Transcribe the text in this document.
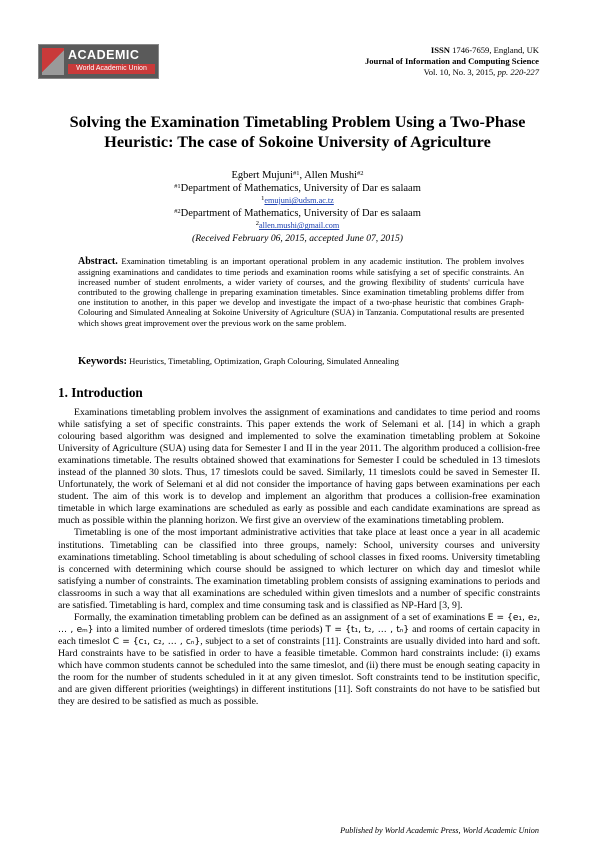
ACADEMIC
World Academic Union
ISSN 1746-7659, England, UK
Journal of Information and Computing Science
Vol. 10, No. 3, 2015, pp. 220-227
Solving the Examination Timetabling Problem Using a Two-Phase
Heuristic: The case of Sokoine University of Agriculture
Egbert Mujuni$^{\#1}$, Allen Mushi$^{\#2}$
$^{\#1}$Department of Mathematics, University of Dar es salaam
$^1$emujuni@udsm.ac.tz
$^{\#2}$Department of Mathematics, University of Dar es salaam
$^2$allen.mushi@gmail.com
(Received February 06, 2015, accepted June 07, 2015)
Abstract. Examination timetabling is an important operational problem in any academic institution. The problem involves assigning examinations and candidates to time periods and examination rooms while satisfying a set of specific constraints. An increased number of student enrolments, a wider variety of courses, and the growing flexibility of students' curricula have contributed to the growing challenge in preparing examination timetables. Since examination timetabling problems differ from one institution to another, in this paper we develop and investigate the impact of a two-phase heuristic that combines Graph-Colouring and Simulated Annealing at Sokoine University of Agriculture (SUA) in Tanzania. Computational results are presented which shows great improvement over the previous work on the same problem.
Keywords: Heuristics, Timetabling, Optimization, Graph Colouring, Simulated Annealing
1. Introduction

Examinations timetabling problem involves the assignment of examinations and candidates to time period and rooms while satisfying a set of specific constraints. This paper extends the work of Selemani et al. [14] in which a graph colouring based algorithm was designed and implemented to solve the examination timetabling problem at Sokoine University of Agriculture (SUA) using data for Semester I and II in the year 2011. The algorithm produced a collision-free examinations timetable. The results obtained showed that examinations for Semester I could be scheduled in 13 timeslots instead of the planned 30 slots. Thus, 17 timeslots could be saved. Similarly, 11 timeslots could be saved in Semester II. Unfortunately, the work of Selemani et al did not consider the importance of having gaps between examinations per each student. The aim of this work is to develop and implement an algorithm that produces a collision-free examination timetable in which large examinations are scheduled as early as possible and each candidate examinations are spread as much as possible within the planning horizon. We first give an overview of the examinations timetabling problem.

Timetabling is one of the most important administrative activities that take place at least once a year in all academic institutions. Timetabling can be classified into three groups, namely: School, university courses and university examinations timetabling. School timetabling is about scheduling of school classes in fixed rooms. University timetabling is concerned with determining which course should be assigned to which lecturer on which day and timeslot while satisfying a number of constraints. The examination timetabling problem consists of assigning examinations to periods and classrooms in such a way that all examinations are scheduled within given timeslots and a number of specific constraints are satisfied. Timetabling is hard, complex and time consuming task and is classified as NP-Hard [3, 9].

Formally, the examination timetabling problem can be defined as an assignment of a set of examinations E = {e₁, e₂, … , eₘ} into a limited number of ordered timeslots (time periods) T = {t₁, t₂, … , tₙ} and rooms of certain capacity in each timeslot C = {c₁, c₂, … , cₙ}, subject to a set of constraints [11]. Constraints are usually divided into hard and soft. Hard constraints have to be satisfied in order to have a feasible timetable. Common hard constraints include: (i) exams which have common students cannot be scheduled into the same timeslot, and (ii) there must be enough seating capacity in the room for the number of students scheduled in it at any given timeslot. Soft constraints tend to be institution specific, and are given different priorities (weightings) in different institutions [11]. Soft constraints do not have to be satisfied but they are desired to be satisfied as much as possible.

Published by World Academic Press, World Academic Union
